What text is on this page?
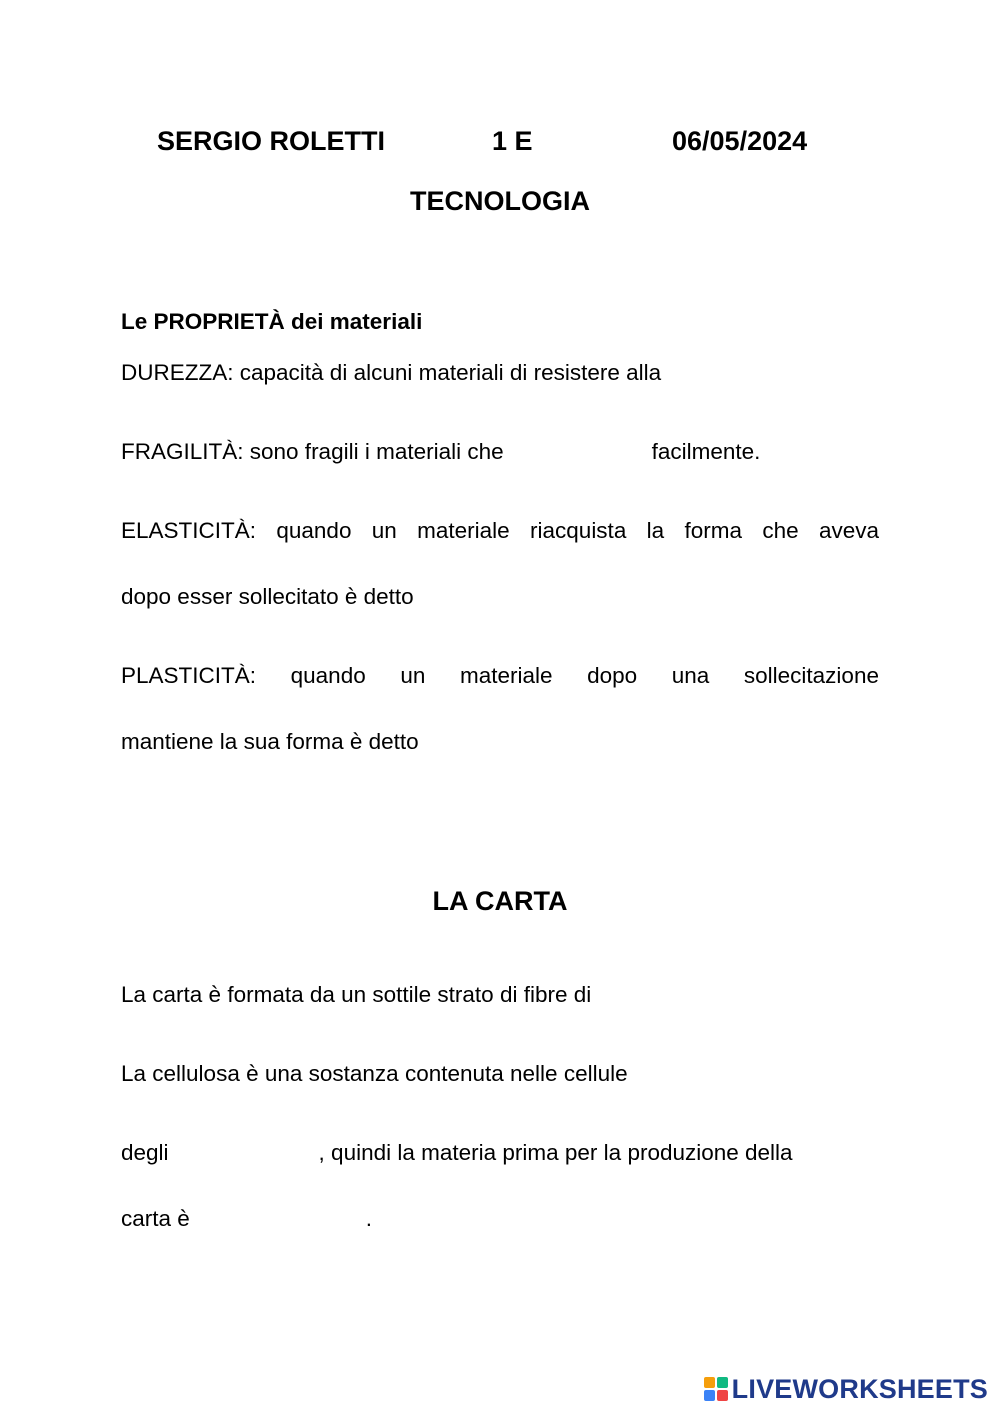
SERGIO ROLETTI	1 E	06/05/2024
TECNOLOGIA
Le PROPRIETÀ dei materiali
DUREZZA: capacità di alcuni materiali di resistere alla
FRAGILITÀ: sono fragili i materiali che	facilmente.
ELASTICITÀ: quando un materiale riacquista la forma che aveva
dopo esser sollecitato è detto
PLASTICITÀ: quando un materiale dopo una sollecitazione
mantiene la sua forma è detto
LA CARTA
La carta è formata da un sottile strato di fibre di
La cellulosa è una sostanza contenuta nelle cellule
degli	, quindi la materia prima per la produzione della
carta è	.
LIVEWORKSHEETS
